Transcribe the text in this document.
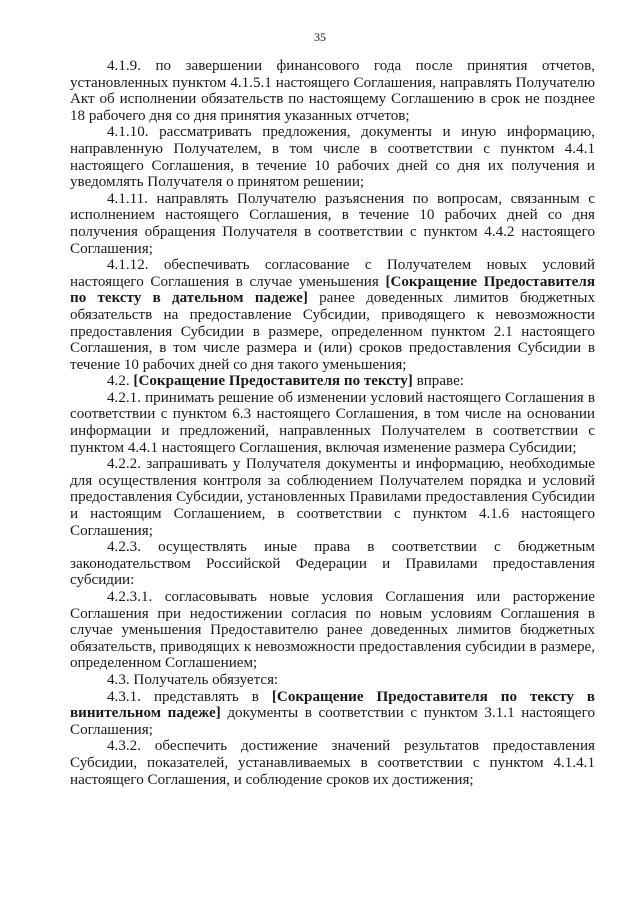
35

4.1.9. по завершении финансового года после принятия отчетов, установленных пунктом 4.1.5.1 настоящего Соглашения, направлять Получателю Акт об исполнении обязательств по настоящему Соглашению в срок не позднее 18 рабочего дня со дня принятия указанных отчетов;

4.1.10. рассматривать предложения, документы и иную информацию, направленную Получателем, в том числе в соответствии с пунктом 4.4.1 настоящего Соглашения, в течение 10 рабочих дней со дня их получения и уведомлять Получателя о принятом решении;

4.1.11. направлять Получателю разъяснения по вопросам, связанным с исполнением настоящего Соглашения, в течение 10 рабочих дней со дня получения обращения Получателя в соответствии с пунктом 4.4.2 настоящего Соглашения;

4.1.12. обеспечивать согласование с Получателем новых условий настоящего Соглашения в случае уменьшения [Сокращение Предоставителя по тексту в дательном падеже] ранее доведенных лимитов бюджетных обязательств на предоставление Субсидии, приводящего к невозможности предоставления Субсидии в размере, определенном пунктом 2.1 настоящего Соглашения, в том числе размера и (или) сроков предоставления Субсидии в течение 10 рабочих дней со дня такого уменьшения;

4.2. [Сокращение Предоставителя по тексту] вправе:

4.2.1. принимать решение об изменении условий настоящего Соглашения в соответствии с пунктом 6.3 настоящего Соглашения, в том числе на основании информации и предложений, направленных Получателем в соответствии с пунктом 4.4.1 настоящего Соглашения, включая изменение размера Субсидии;

4.2.2. запрашивать у Получателя документы и информацию, необходимые для осуществления контроля за соблюдением Получателем порядка и условий предоставления Субсидии, установленных Правилами предоставления Субсидии и настоящим Соглашением, в соответствии с пунктом 4.1.6 настоящего Соглашения;

4.2.3. осуществлять иные права в соответствии с бюджетным законодательством Российской Федерации и Правилами предоставления субсидии:

4.2.3.1. согласовывать новые условия Соглашения или расторжение Соглашения при недостижении согласия по новым условиям Соглашения в случае уменьшения Предоставителю ранее доведенных лимитов бюджетных обязательств, приводящих к невозможности предоставления субсидии в размере, определенном Соглашением;

4.3. Получатель обязуется:

4.3.1. представлять в [Сокращение Предоставителя по тексту в винительном падеже] документы в соответствии с пунктом 3.1.1 настоящего Соглашения;

4.3.2. обеспечить достижение значений результатов предоставления Субсидии, показателей, устанавливаемых в соответствии с пунктом 4.1.4.1 настоящего Соглашения, и соблюдение сроков их достижения;
